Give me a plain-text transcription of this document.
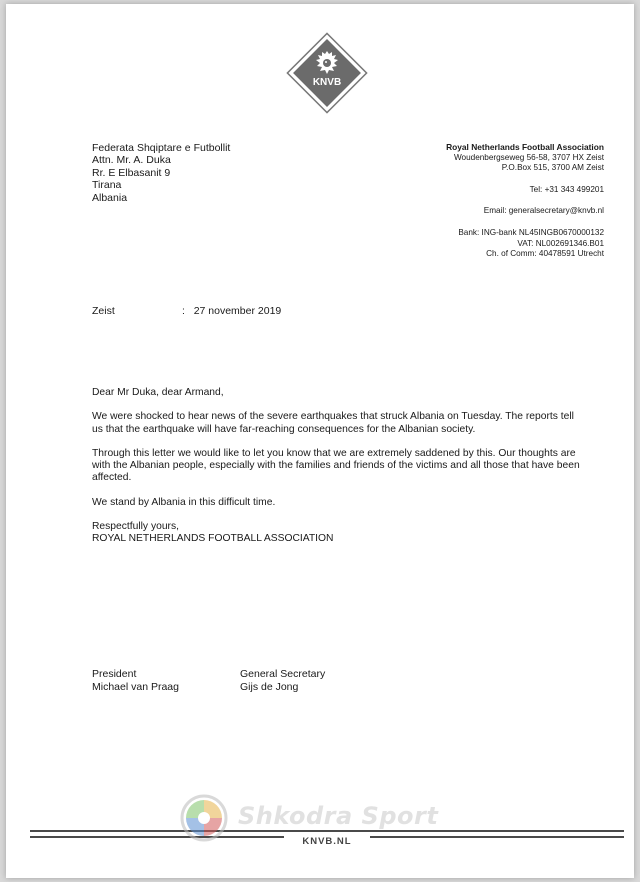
KNVB
Federata Shqiptare e Futbollit
Attn. Mr. A. Duka
Rr. E Elbasanit 9
Tirana
Albania
Royal Netherlands Football Association
Woudenbergseweg 56-58, 3707 HX Zeist
P.O.Box 515, 3700 AM Zeist
Tel: +31 343 499201
Email: generalsecretary@knvb.nl
Bank: ING-bank NL45INGB0670000132
VAT: NL002691346.B01
Ch. of Comm: 40478591 Utrecht
Zeist	: 27 november 2019

Dear Mr Duka, dear Armand,

We were shocked to hear news of the severe earthquakes that struck Albania on Tuesday. The reports tell us that the earthquake will have far-reaching consequences for the Albanian society.

Through this letter we would like to let you know that we are extremely saddened by this. Our thoughts are with the Albanian people, especially with the families and friends of the victims and all those that have been affected.

We stand by Albania in this difficult time.

Respectfully yours,
ROYAL NETHERLANDS FOOTBALL ASSOCIATION
President
Michael van Praag
General Secretary
Gijs de Jong
KNVB.NL
Shkodra Sport
